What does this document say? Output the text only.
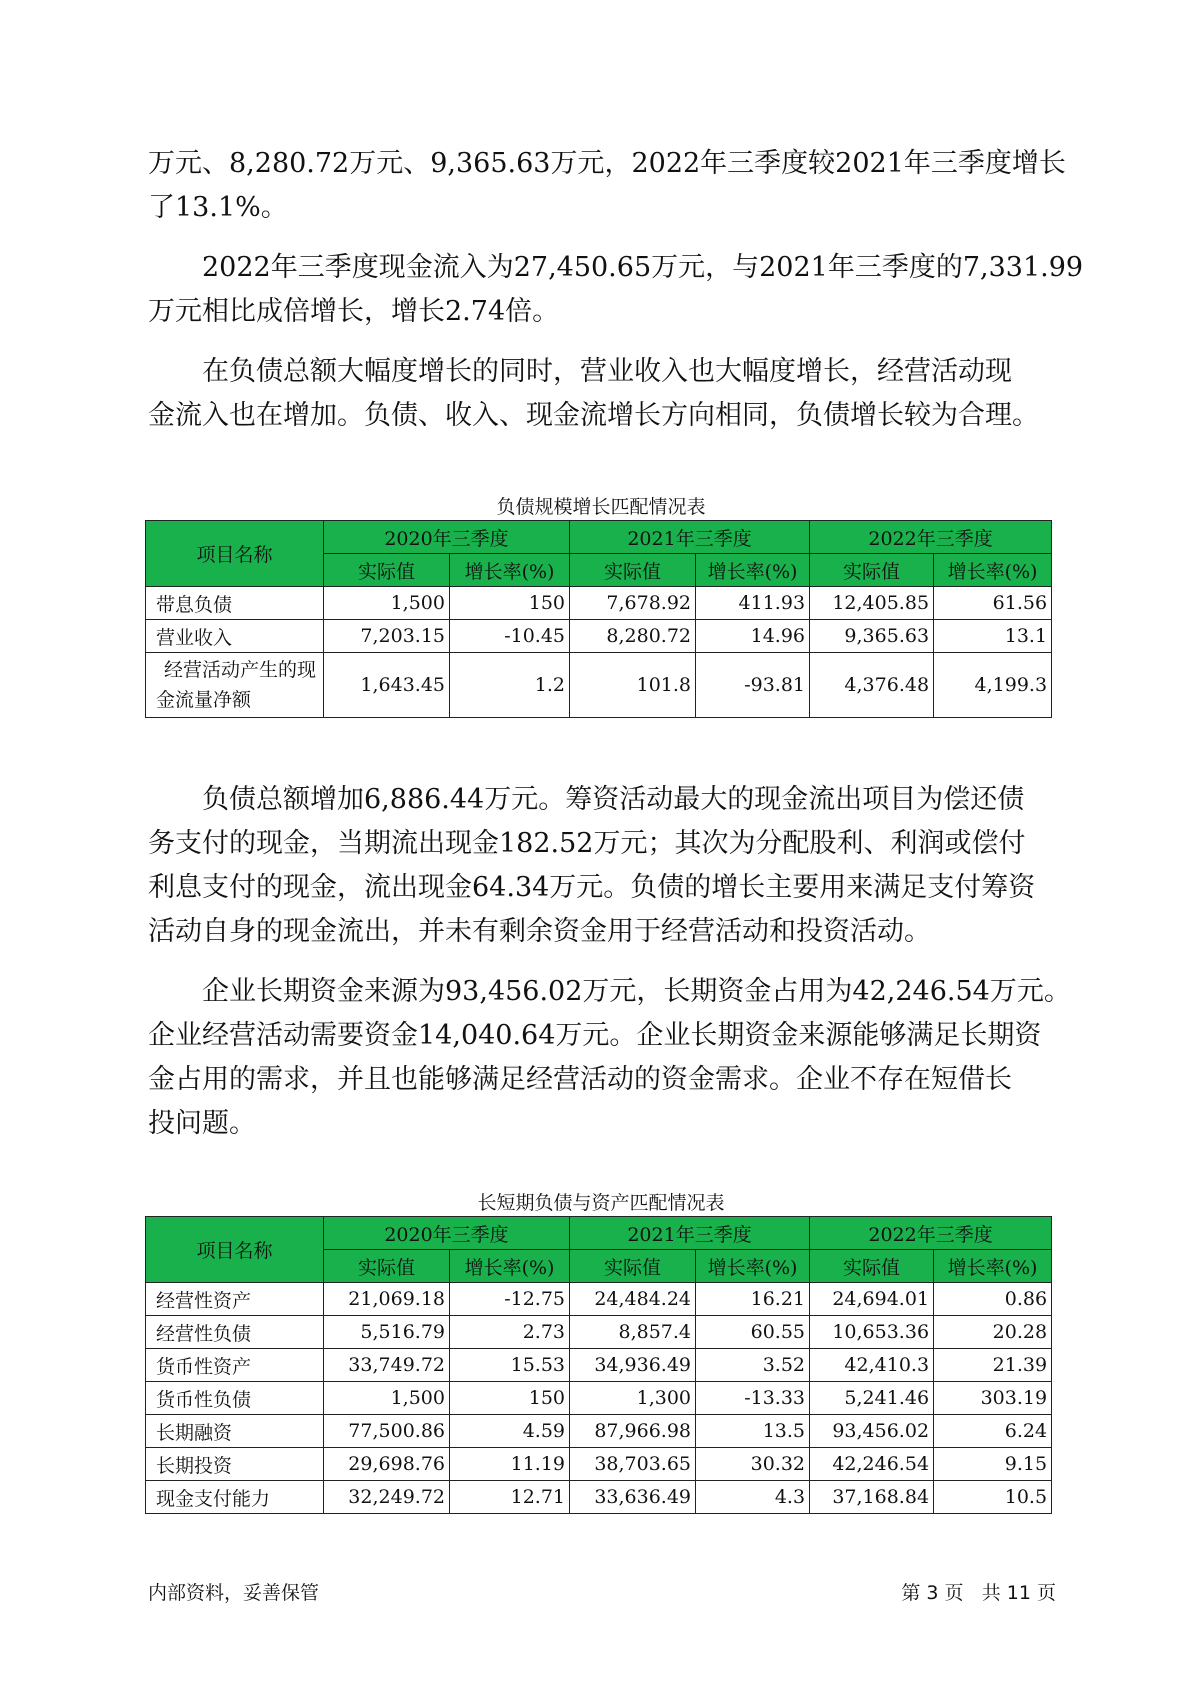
万元、8,280.72万元、9,365.63万元，2022年三季度较2021年三季度增长
了13.1%。

2022年三季度现金流入为27,450.65万元，与2021年三季度的7,331.99
万元相比成倍增长，增长2.74倍。

在负债总额大幅度增长的同时，营业收入也大幅度增长，经营活动现
金流入也在增加。负债、收入、现金流增长方向相同，负债增长较为合理。

负债规模增长匹配情况表

项目名称	2020年三季度		2021年三季度		2022年三季度	
	实际值	增长率(%)	实际值	增长率(%)	实际值	增长率(%)
带息负债	1,500	150	7,678.92	411.93	12,405.85	61.56
营业收入	7,203.15	-10.45	8,280.72	14.96	9,365.63	13.1
经营活动产生的现
金流量净额	1,643.45	1.2	101.8	-93.81	4,376.48	4,199.3

负债总额增加6,886.44万元。筹资活动最大的现金流出项目为偿还债
务支付的现金，当期流出现金182.52万元；其次为分配股利、利润或偿付
利息支付的现金，流出现金64.34万元。负债的增长主要用来满足支付筹资
活动自身的现金流出，并未有剩余资金用于经营活动和投资活动。

企业长期资金来源为93,456.02万元，长期资金占用为42,246.54万元。
企业经营活动需要资金14,040.64万元。企业长期资金来源能够满足长期资
金占用的需求，并且也能够满足经营活动的资金需求。企业不存在短借长
投问题。

长短期负债与资产匹配情况表

项目名称	2020年三季度		2021年三季度		2022年三季度	
	实际值	增长率(%)	实际值	增长率(%)	实际值	增长率(%)
经营性资产	21,069.18	-12.75	24,484.24	16.21	24,694.01	0.86
经营性负债	5,516.79	2.73	8,857.4	60.55	10,653.36	20.28
货币性资产	33,749.72	15.53	34,936.49	3.52	42,410.3	21.39
货币性负债	1,500	150	1,300	-13.33	5,241.46	303.19
长期融资	77,500.86	4.59	87,966.98	13.5	93,456.02	6.24
长期投资	29,698.76	11.19	38,703.65	30.32	42,246.54	9.15
现金支付能力	32,249.72	12.71	33,636.49	4.3	37,168.84	10.5
内部资料，妥善保管	第 3 页 共 11 页
